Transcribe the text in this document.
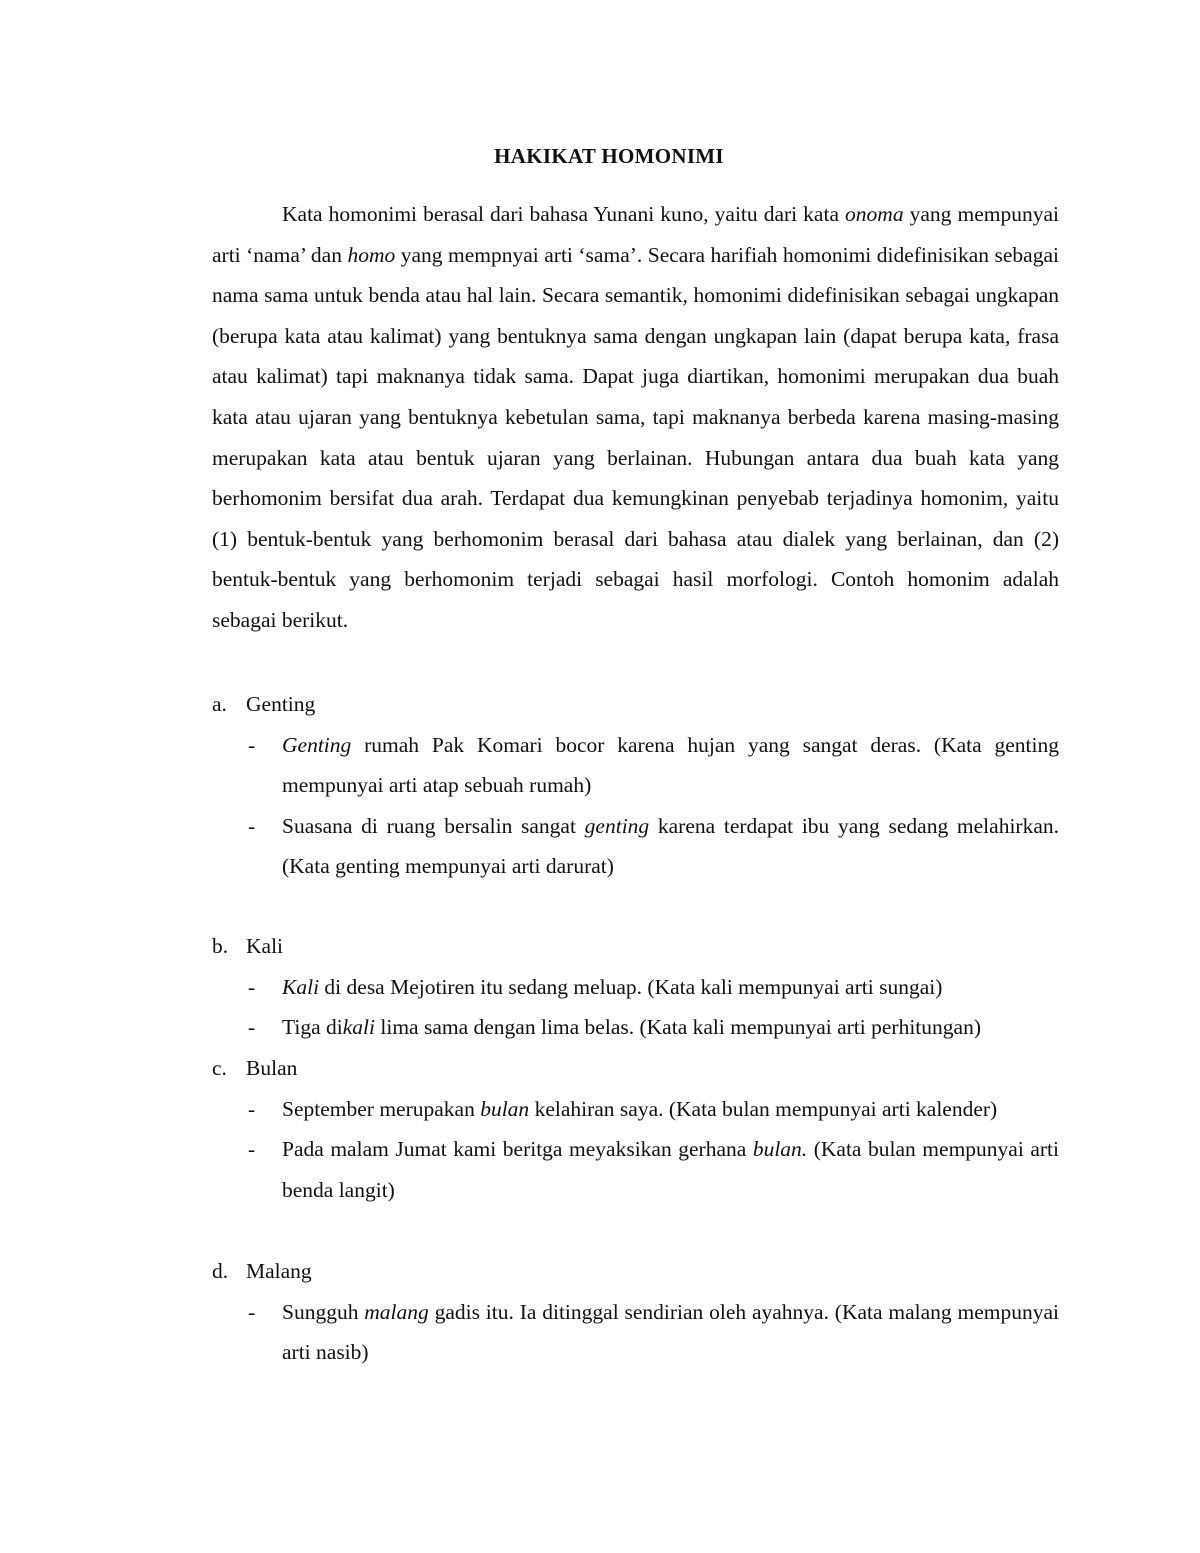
HAKIKAT HOMONIMI

Kata homonimi berasal dari bahasa Yunani kuno, yaitu dari kata onoma yang mempunyai arti ‘nama’ dan homo yang mempnyai arti ‘sama’. Secara harifiah homonimi didefinisikan sebagai nama sama untuk benda atau hal lain. Secara semantik, homonimi didefinisikan sebagai ungkapan (berupa kata atau kalimat) yang bentuknya sama dengan ungkapan lain (dapat berupa kata, frasa atau kalimat) tapi maknanya tidak sama. Dapat juga diartikan, homonimi merupakan dua buah kata atau ujaran yang bentuknya kebetulan sama, tapi maknanya berbeda karena masing-masing merupakan kata atau bentuk ujaran yang berlainan. Hubungan antara dua buah kata yang berhomonim bersifat dua arah. Terdapat dua kemungkinan penyebab terjadinya homonim, yaitu (1) bentuk-bentuk yang berhomonim berasal dari bahasa atau dialek yang berlainan, dan (2) bentuk-bentuk yang berhomonim terjadi sebagai hasil morfologi. Contoh homonim adalah sebagai berikut.

a. Genting
- Genting rumah Pak Komari bocor karena hujan yang sangat deras. (Kata genting mempunyai arti atap sebuah rumah)
- Suasana di ruang bersalin sangat genting karena terdapat ibu yang sedang melahirkan. (Kata genting mempunyai arti darurat)
b. Kali
- Kali di desa Mejotiren itu sedang meluap. (Kata kali mempunyai arti sungai)
- Tiga dikali lima sama dengan lima belas. (Kata kali mempunyai arti perhitungan)
c. Bulan
- September merupakan bulan kelahiran saya. (Kata bulan mempunyai arti kalender)
- Pada malam Jumat kami beritga meyaksikan gerhana bulan. (Kata bulan mempunyai arti benda langit)
d. Malang
- Sungguh malang gadis itu. Ia ditinggal sendirian oleh ayahnya. (Kata malang mempunyai arti nasib)
